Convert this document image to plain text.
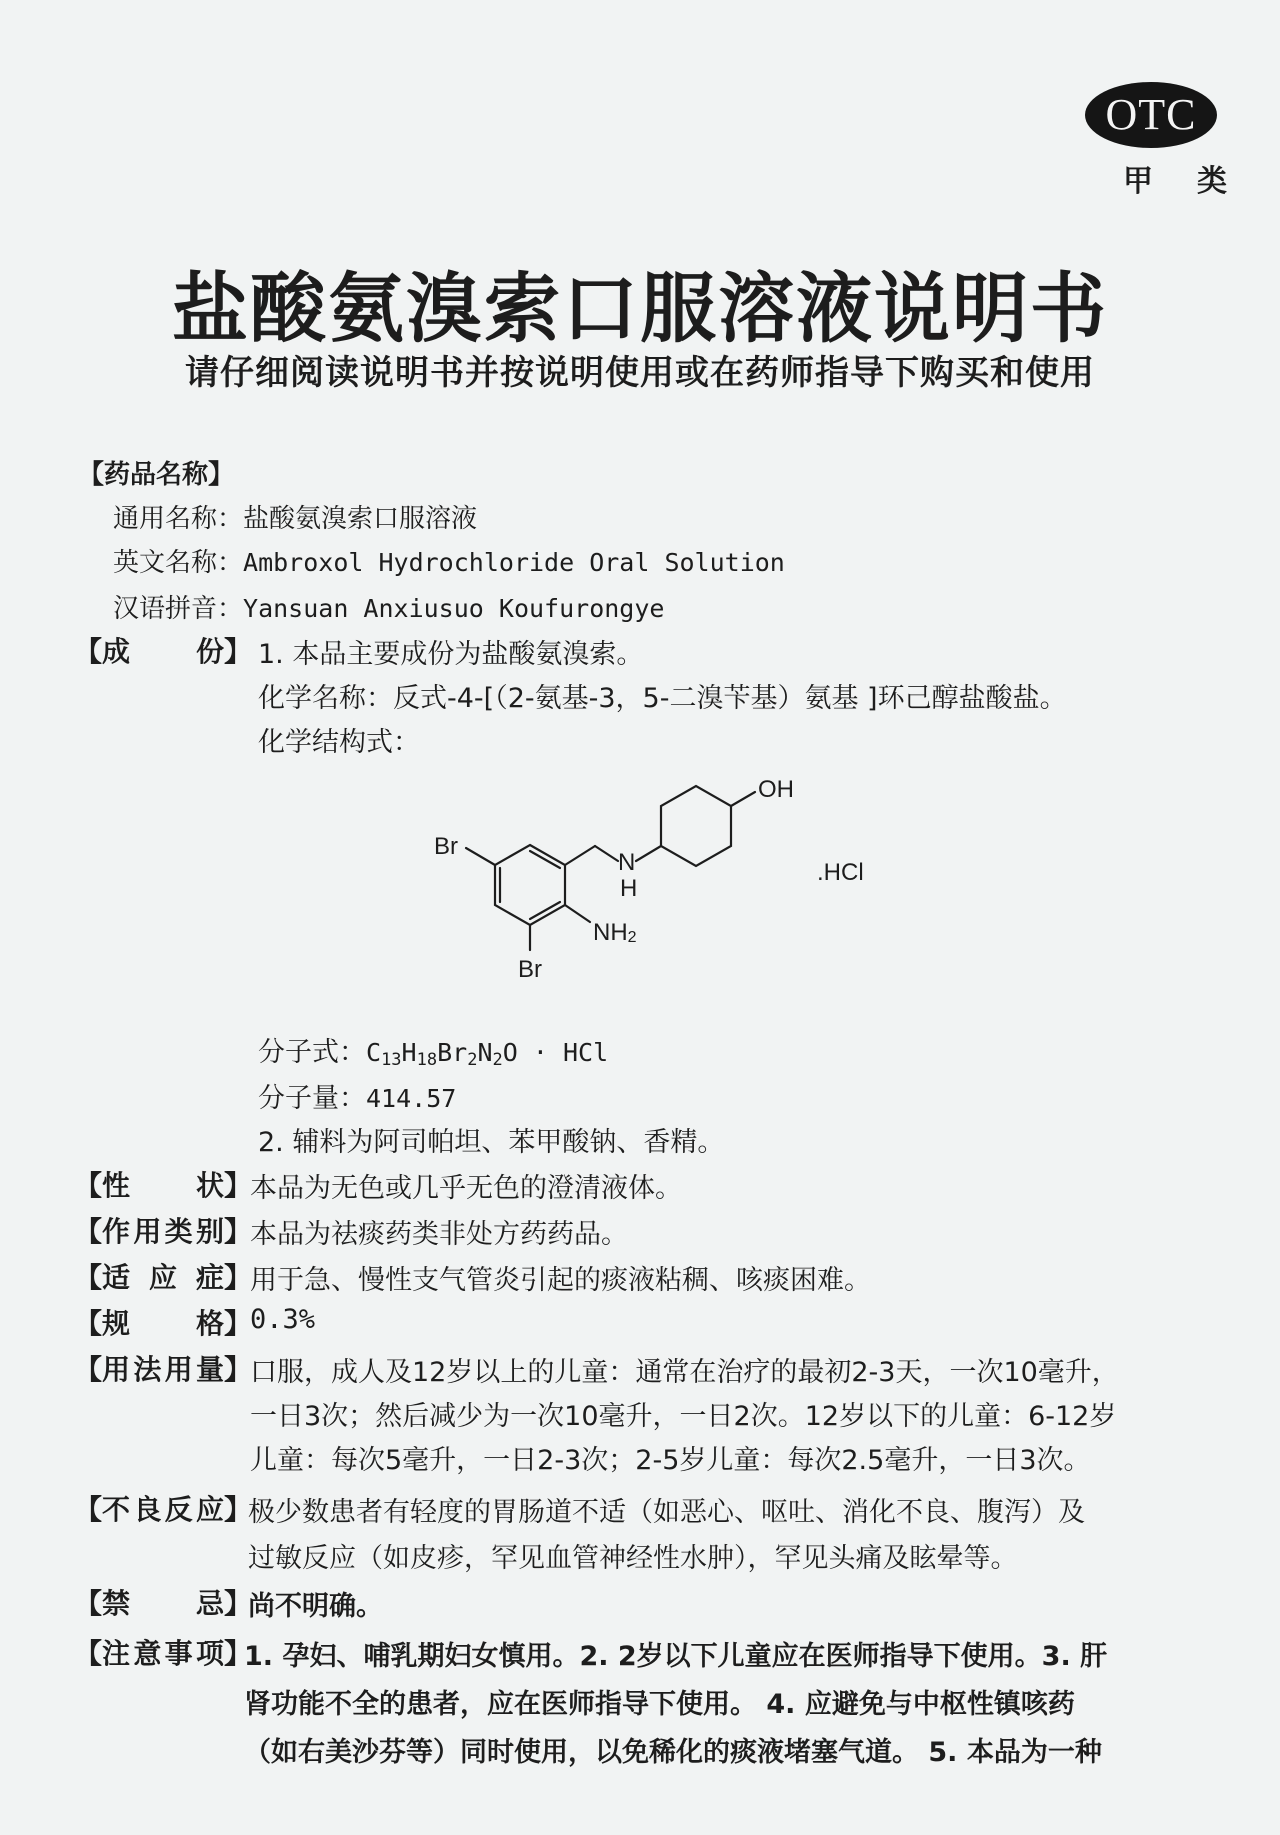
OTC
甲类
盐酸氨溴索口服溶液说明书
请仔细阅读说明书并按说明使用或在药师指导下购买和使用
【药品名称】
通用名称：盐酸氨溴索口服溶液
英文名称：Ambroxol Hydrochloride Oral Solution
汉语拼音：Yansuan Anxiusuo Koufurongye
【 成份 】 1. 本品主要成份为盐酸氨溴索。
化学名称：反式-4-[（2-氨基-3，5-二溴苄基）氨基 ]环己醇盐酸盐。
化学结构式：
OH
Br
Br
N
H
NH2
.HCl
分子式：C13H18Br2N2O · HCl
分子量：414.57
2. 辅料为阿司帕坦、苯甲酸钠、香精。
【 性状 】
本品为无色或几乎无色的澄清液体。
【 作用类别 】
本品为祛痰药类非处方药药品。
【 适应症 】
用于急、慢性支气管炎引起的痰液粘稠、咳痰困难。
【 规格 】
0.3%
【 用法用量 】
口服，成人及12岁以上的儿童：通常在治疗的最初2-3天，一次10毫升，
一日3次；然后减少为一次10毫升，一日2次。12岁以下的儿童：6-12岁
儿童：每次5毫升，一日2-3次；2-5岁儿童：每次2.5毫升，一日3次。
【 不良反应 】
极少数患者有轻度的胃肠道不适（如恶心、呕吐、消化不良、腹泻）及
过敏反应（如皮疹，罕见血管神经性水肿），罕见头痛及眩晕等。
【 禁忌 】
尚不明确。
【 注意事项 】
1. 孕妇、哺乳期妇女慎用。2. 2岁以下儿童应在医师指导下使用。3. 肝
肾功能不全的患者，应在医师指导下使用。 4. 应避免与中枢性镇咳药
（如右美沙芬等）同时使用，以免稀化的痰液堵塞气道。 5. 本品为一种
